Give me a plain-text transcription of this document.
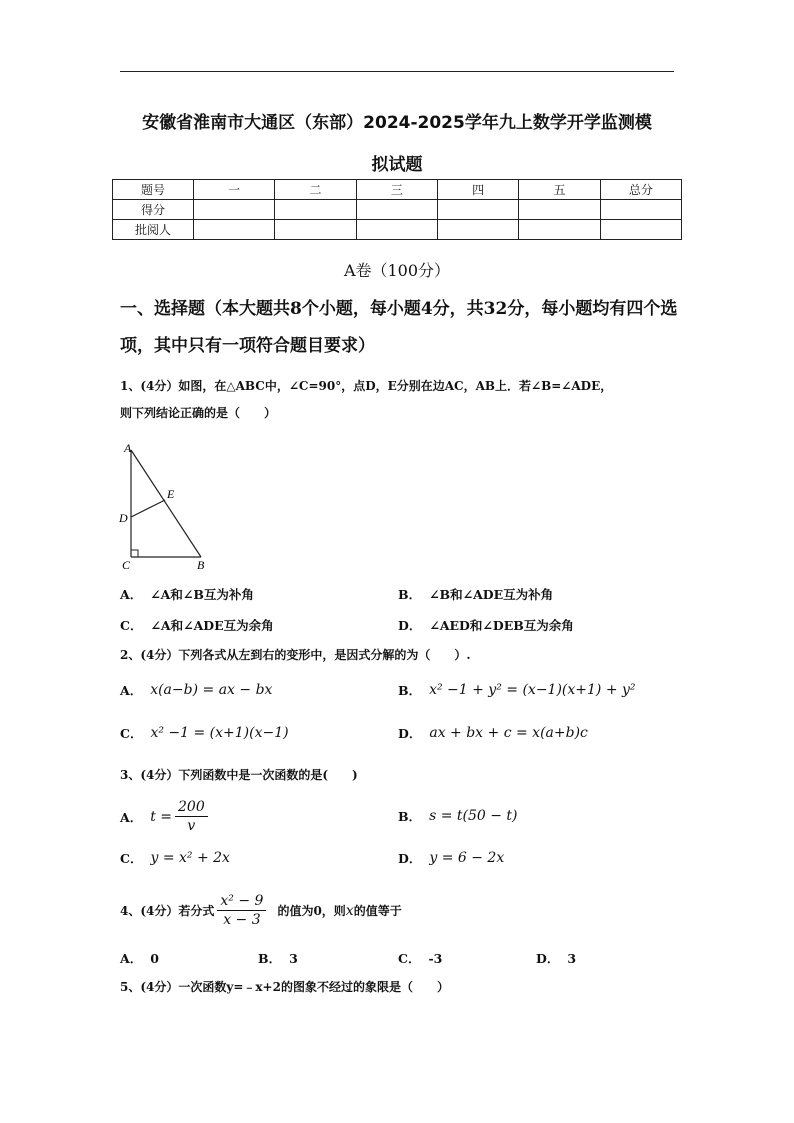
安徽省淮南市大通区（东部）2024-2025学年九上数学开学监测模
拟试题
题号	一	二	三	四	五	总分
得分						
批阅人						
A卷（100分）
一、选择题（本大题共8个小题，每小题4分，共32分，每小题均有四个选项，其中只有一项符合题目要求）
1、(4分）如图，在△ABC中，∠C=90°，点D，E分别在边AC，AB上．若∠B=∠ADE，
则下列结论正确的是（　　）
A
E
D
C	B
A． ∠A和∠B互为补角	B． ∠B和∠ADE互为补角
C． ∠A和∠ADE互为余角	D． ∠AED和∠DEB互为余角
2、(4分）下列各式从左到右的变形中，是因式分解的为（　　）.
A． x(a−b) = ax − bx	B． x² −1 + y² = (x−1)(x+1) + y²
C． x² −1 = (x+1)(x−1)	D． ax + bx + c = x(a+b)c
3、(4分）下列函数中是一次函数的是(　　)
A． $t = \frac{200}{v}$	B． s = t(50 − t)
C． y = x² + 2x	D． y = 6 − 2x
4、(4分）若分式 $\frac{\text{x² − 9}}{x - 3}$ 的值为0，则 x 的值等于
A． 0	B． 3	C． -3	D． 3
5、(4分）一次函数y=﹣x+2的图象不经过的象限是（　　）
